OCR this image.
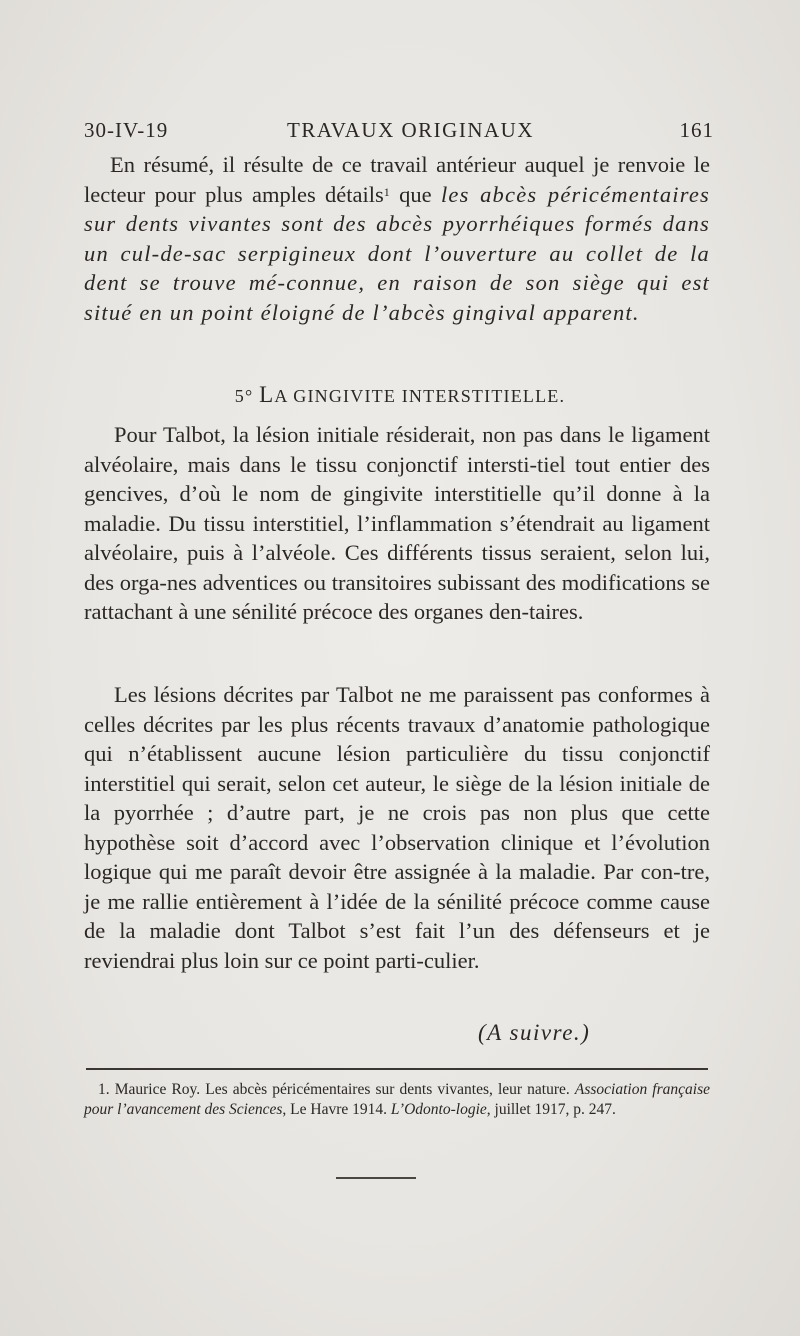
30-IV-19	TRAVAUX ORIGINAUX	161
En résumé, il résulte de ce travail antérieur auquel je renvoie le lecteur pour plus amples détails$^1$ que les abcès péricémentaires sur dents vivantes sont des abcès pyorrhéiques formés dans un cul-de-sac serpigineux dont l’ouverture au collet de la dent se trouve mé-connue, en raison de son siège qui est situé en un point éloigné de l’abcès gingival apparent.
5° LA GINGIVITE INTERSTITIELLE.
Pour Talbot, la lésion initiale résiderait, non pas dans le ligament alvéolaire, mais dans le tissu conjonctif intersti-tiel tout entier des gencives, d’où le nom de gingivite interstitielle qu’il donne à la maladie. Du tissu interstitiel, l’inflammation s’étendrait au ligament alvéolaire, puis à l’alvéole. Ces différents tissus seraient, selon lui, des orga-nes adventices ou transitoires subissant des modifications se rattachant à une sénilité précoce des organes den-taires.
Les lésions décrites par Talbot ne me paraissent pas conformes à celles décrites par les plus récents travaux d’anatomie pathologique qui n’établissent aucune lésion particulière du tissu conjonctif interstitiel qui serait, selon cet auteur, le siège de la lésion initiale de la pyorrhée ; d’autre part, je ne crois pas non plus que cette hypothèse soit d’accord avec l’observation clinique et l’évolution logique qui me paraît devoir être assignée à la maladie. Par con-tre, je me rallie entièrement à l’idée de la sénilité précoce comme cause de la maladie dont Talbot s’est fait l’un des défenseurs et je reviendrai plus loin sur ce point parti-culier.
(A suivre.)
1. Maurice Roy. Les abcès péricémentaires sur dents vivantes, leur nature. Association française pour l’avancement des Sciences, Le Havre 1914. L’Odonto-logie, juillet 1917, p. 247.
